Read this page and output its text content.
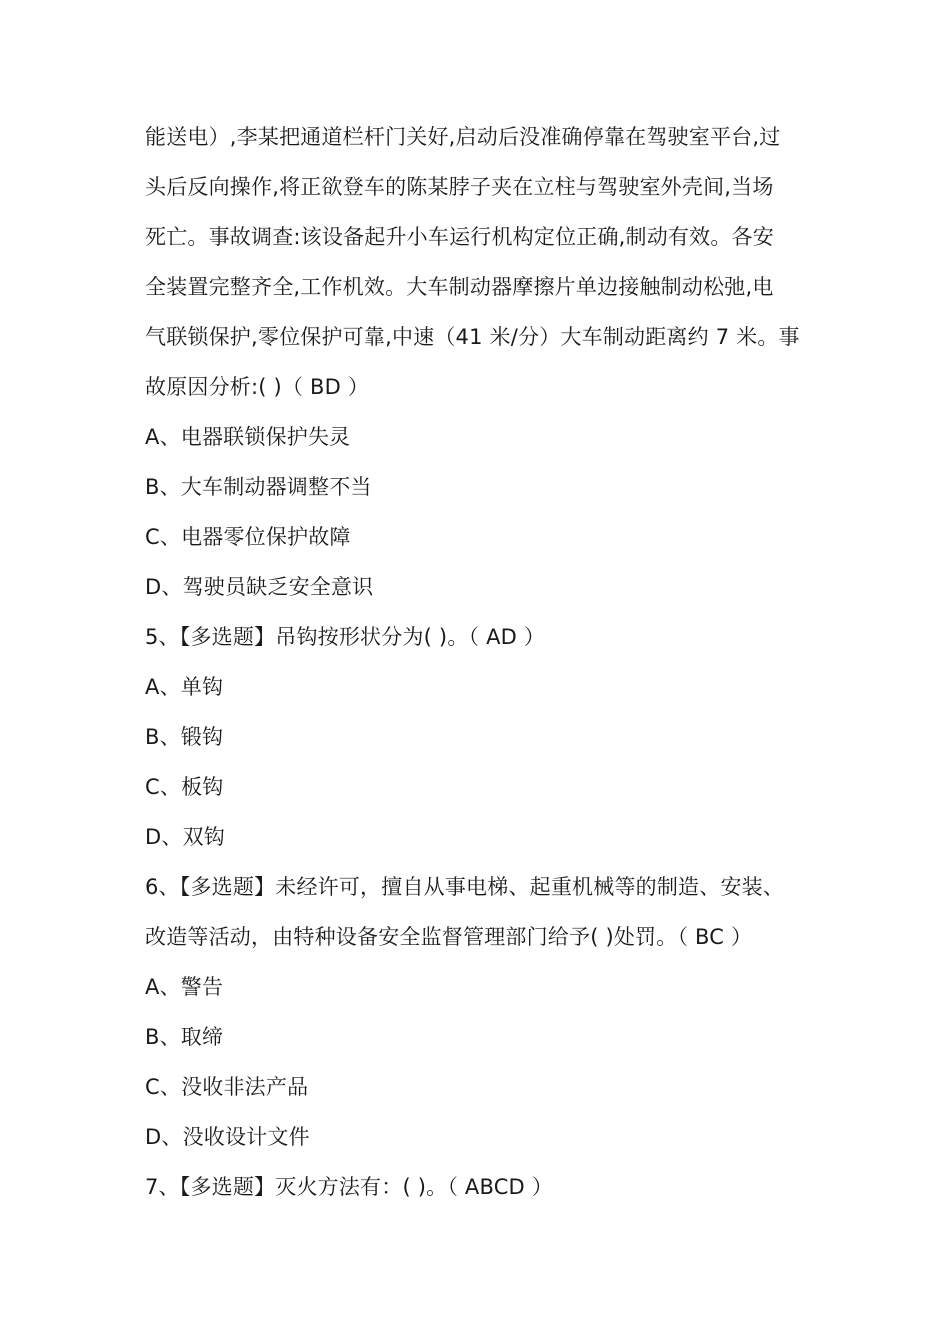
能送电）,李某把通道栏杆门关好,启动后没准确停靠在驾驶室平台,过
头后反向操作,将正欲登车的陈某脖子夹在立柱与驾驶室外壳间,当场
死亡。事故调查:该设备起升小车运行机构定位正确,制动有效。各安
全装置完整齐全,工作机效。大车制动器摩擦片单边接触制动松弛,电
气联锁保护,零位保护可靠,中速（41 米/分）大车制动距离约 7 米。事
故原因分析:( )（ BD ）
A、电器联锁保护失灵
B、大车制动器调整不当
C、电器零位保护故障
D、驾驶员缺乏安全意识
5、【多选题】吊钩按形状分为( )。（ AD ）
A、单钩
B、锻钩
C、板钩
D、双钩
6、【多选题】未经许可，擅自从事电梯、起重机械等的制造、安装、
改造等活动，由特种设备安全监督管理部门给予( )处罚。（ BC ）
A、警告
B、取缔
C、没收非法产品
D、没收设计文件
7、【多选题】灭火方法有：( )。（ ABCD ）
